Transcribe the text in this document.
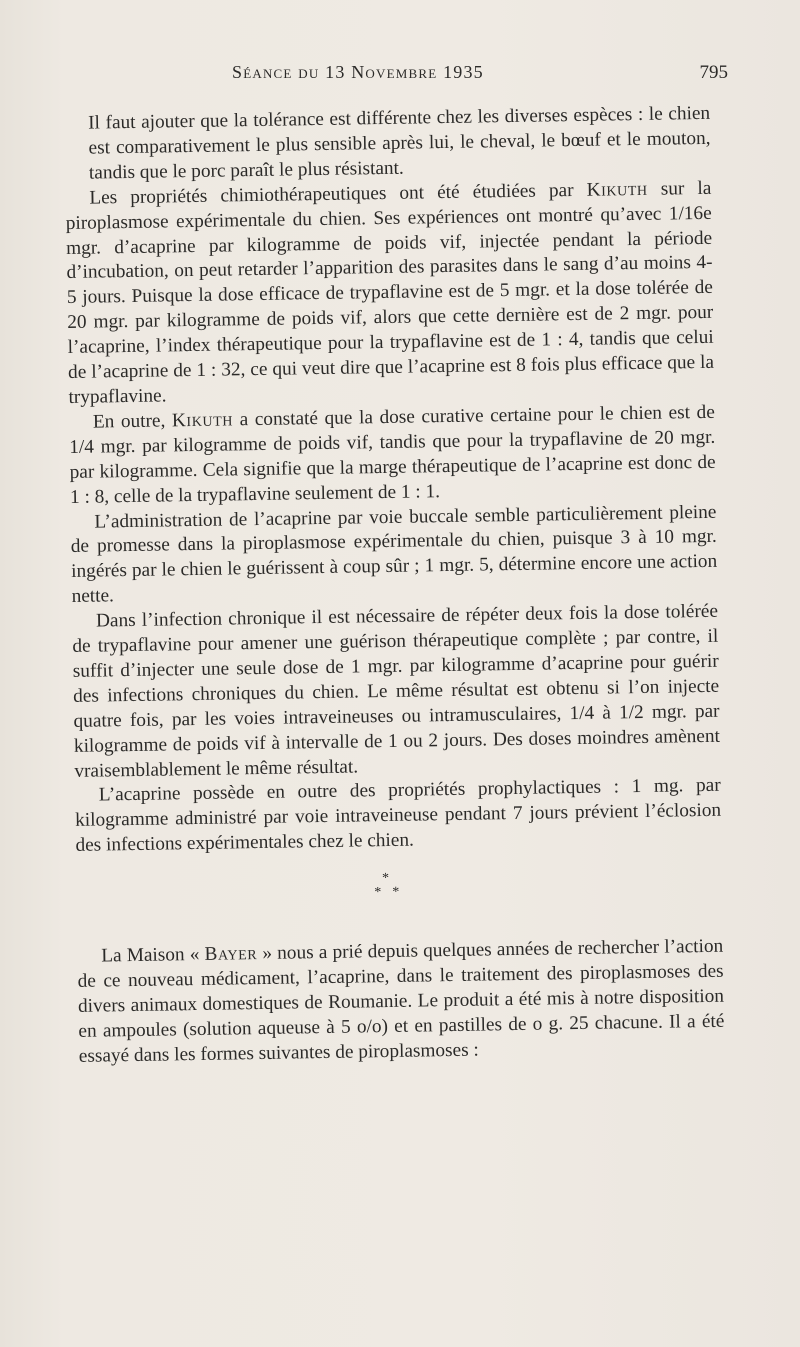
Séance du 13 Novembre 1935	795

Il faut ajouter que la tolérance est différente chez les diverses espèces : le chien est comparativement le plus sensible après lui, le cheval, le bœuf et le mouton, tandis que le porc paraît le plus résistant.

Les propriétés chimiothérapeutiques ont été étudiées par Kikuth sur la piroplasmose expérimentale du chien. Ses expériences ont montré qu’avec 1/16e mgr. d’acaprine par kilogramme de poids vif, injectée pendant la période d’incubation, on peut retarder l’apparition des parasites dans le sang d’au moins 4-5 jours. Puisque la dose efficace de trypaflavine est de 5 mgr. et la dose tolérée de 20 mgr. par kilogramme de poids vif, alors que cette dernière est de 2 mgr. pour l’acaprine, l’index thérapeutique pour la trypaflavine est de 1 : 4, tandis que celui de l’acaprine de 1 : 32, ce qui veut dire que l’acaprine est 8 fois plus efficace que la trypaflavine.

En outre, Kikuth a constaté que la dose curative certaine pour le chien est de 1/4 mgr. par kilogramme de poids vif, tandis que pour la trypaflavine de 20 mgr. par kilogramme. Cela signifie que la marge thérapeutique de l’acaprine est donc de 1 : 8, celle de la trypaflavine seulement de 1 : 1.

L’administration de l’acaprine par voie buccale semble particulièrement pleine de promesse dans la piroplasmose expérimentale du chien, puisque 3 à 10 mgr. ingérés par le chien le guérissent à coup sûr ; 1 mgr. 5, détermine encore une action nette.

Dans l’infection chronique il est nécessaire de répéter deux fois la dose tolérée de trypaflavine pour amener une guérison thérapeutique complète ; par contre, il suffit d’injecter une seule dose de 1 mgr. par kilogramme d’acaprine pour guérir des infections chroniques du chien. Le même résultat est obtenu si l’on injecte quatre fois, par les voies intraveineuses ou intramusculaires, 1/4 à 1/2 mgr. par kilogramme de poids vif à intervalle de 1 ou 2 jours. Des doses moindres amènent vraisemblablement le même résultat.

L’acaprine possède en outre des propriétés prophylactiques : 1 mg. par kilogramme administré par voie intraveineuse pendant 7 jours prévient l’éclosion des infections expérimentales chez le chien.

*
* *

La Maison « Bayer » nous a prié depuis quelques années de rechercher l’action de ce nouveau médicament, l’acaprine, dans le traitement des piroplasmoses des divers animaux domestiques de Roumanie. Le produit a été mis à notre disposition en ampoules (solution aqueuse à 5 o/o) et en pastilles de o g. 25 chacune. Il a été essayé dans les formes suivantes de piroplasmoses :
